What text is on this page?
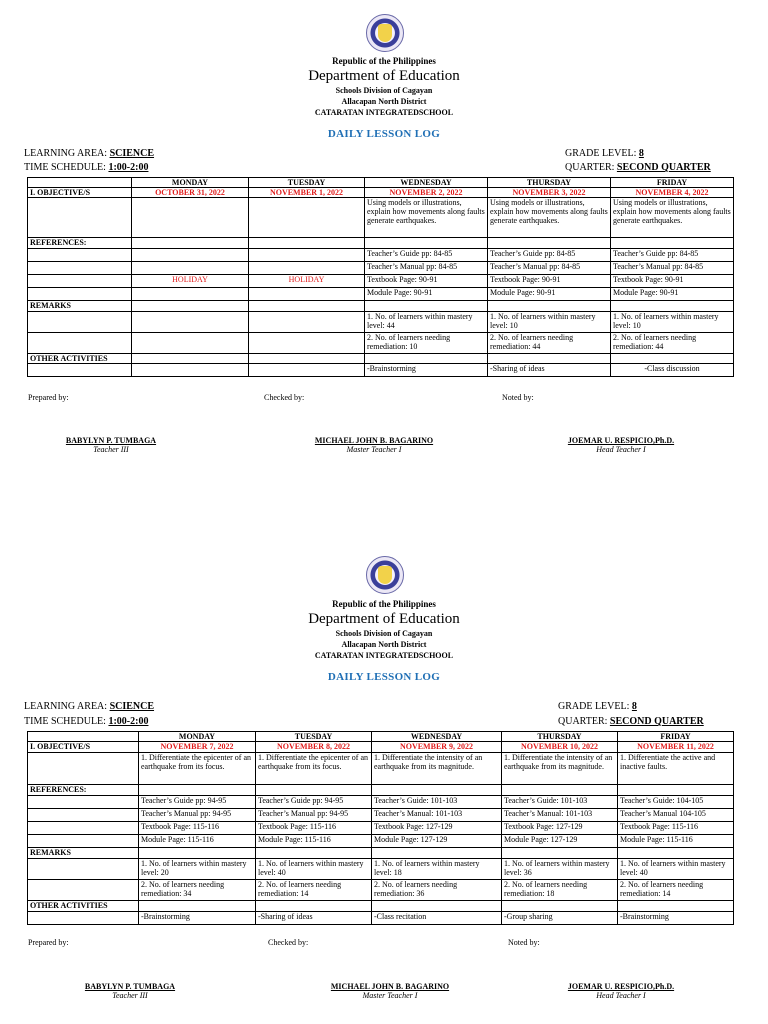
Republic of the Philippines
Department of Education
Schools Division of Cagayan
Allacapan North District
CATARATAN INTEGRATEDSCHOOL
DAILY LESSON LOG
LEARNING AREA: SCIENCE
TIME SCHEDULE: 1:00-2:00
GRADE LEVEL: 8
QUARTER: SECOND QUARTER
	MONDAY	TUESDAY	WEDNESDAY	THURSDAY	FRIDAY
I. OBJECTIVE/S	OCTOBER 31, 2022	NOVEMBER 1, 2022	NOVEMBER 2, 2022	NOVEMBER 3, 2022	NOVEMBER 4, 2022
			Using models or illustrations, explain how movements along faults generate earthquakes.	Using models or illustrations, explain how movements along faults generate earthquakes.	Using models or illustrations, explain how movements along faults generate earthquakes.
REFERENCES:					
			Teacher’s Guide pp: 84-85	Teacher’s Guide pp: 84-85	Teacher’s Guide pp: 84-85
			Teacher’s Manual pp: 84-85	Teacher’s Manual pp: 84-85	Teacher’s Manual pp: 84-85
	HOLIDAY	HOLIDAY	Textbook Page: 90-91	Textbook Page: 90-91	Textbook Page: 90-91
			Module Page: 90-91	Module Page: 90-91	Module Page: 90-91
REMARKS					
			1. No. of learners within mastery level: 44	1. No. of learners within mastery level: 10	1. No. of learners within mastery level: 10
			2. No. of learners needing remediation: 10	2. No. of learners needing remediation: 44	2. No. of learners needing remediation: 44
OTHER ACTIVITIES					
			-Brainstorming	-Sharing of ideas	-Class discussion
Prepared by:	Checked by:	Noted by:
BABYLYN P. TUMBAGA
Teacher III
MICHAEL JOHN B. BAGARINO
Master Teacher I
JOEMAR U. RESPICIO,Ph.D.
Head Teacher I
Republic of the Philippines
Department of Education
Schools Division of Cagayan
Allacapan North District
CATARATAN INTEGRATEDSCHOOL
DAILY LESSON LOG
LEARNING AREA: SCIENCE
TIME SCHEDULE: 1:00-2:00
GRADE LEVEL: 8
QUARTER: SECOND QUARTER
	MONDAY	TUESDAY	WEDNESDAY	THURSDAY	FRIDAY
I. OBJECTIVE/S	NOVEMBER 7, 2022	NOVEMBER 8, 2022	NOVEMBER 9, 2022	NOVEMBER 10, 2022	NOVEMBER 11, 2022
	1. Differentiate the epicenter of an earthquake from its focus.	1. Differentiate the epicenter of an earthquake from its focus.	1. Differentiate the intensity of an earthquake from its magnitude.	1. Differentiate the intensity of an earthquake from its magnitude.	1. Differentiate the active and inactive faults.
REFERENCES:					
	Teacher’s Guide pp: 94-95	Teacher’s Guide pp: 94-95	Teacher’s Guide: 101-103	Teacher’s Guide: 101-103	Teacher’s Guide: 104-105
	Teacher’s Manual pp: 94-95	Teacher’s Manual pp: 94-95	Teacher’s Manual: 101-103	Teacher’s Manual: 101-103	Teacher’s Manual 104-105
	Textbook Page: 115-116	Textbook Page: 115-116	Textbook Page: 127-129	Textbook Page: 127-129	Textbook Page: 115-116
	Module Page: 115-116	Module Page: 115-116	Module Page: 127-129	Module Page: 127-129	Module Page: 115-116
REMARKS					
	1. No. of learners within mastery level: 20	1. No. of learners within mastery level: 40	1. No. of learners within mastery level: 18	1. No. of learners within mastery level: 36	1. No. of learners within mastery level: 40
	2. No. of learners needing remediation: 34	2. No. of learners needing remediation: 14	2. No. of learners needing remediation: 36	2. No. of learners needing remediation: 18	2. No. of learners needing remediation: 14
OTHER ACTIVITIES					
	-Brainstorming	-Sharing of ideas	-Class recitation	-Group sharing	-Brainstorming
Prepared by:	Checked by:	Noted by:
BABYLYN P. TUMBAGA
Teacher III
MICHAEL JOHN B. BAGARINO
Master Teacher I
JOEMAR U. RESPICIO,Ph.D.
Head Teacher I
